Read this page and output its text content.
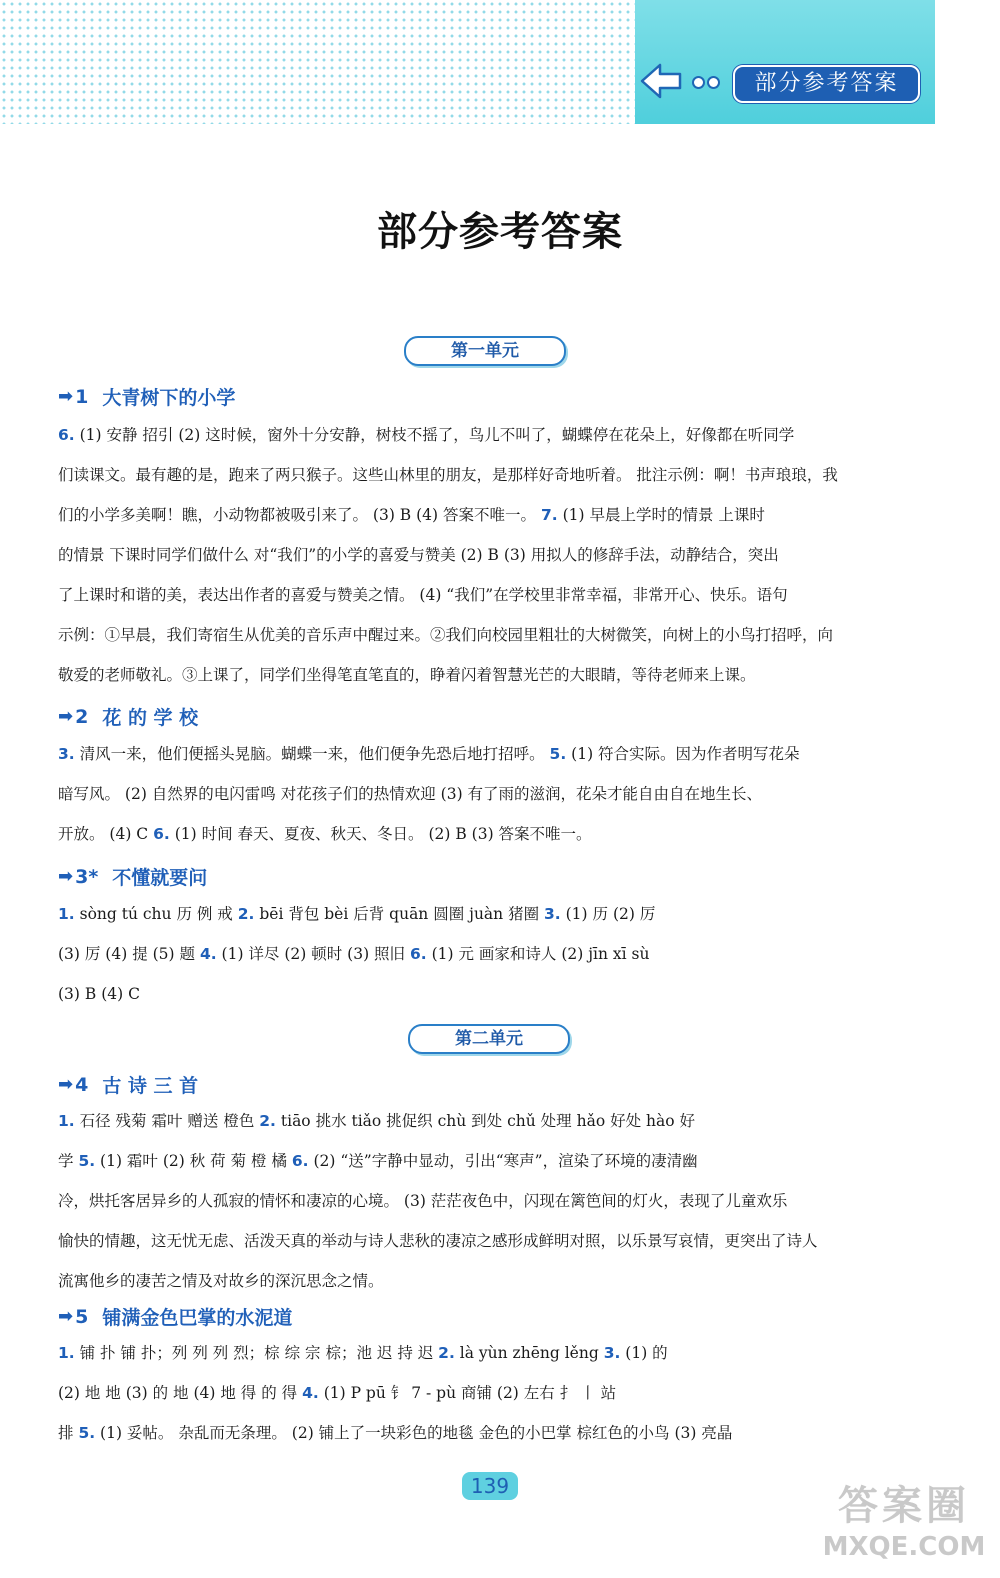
部分参考答案
部分参考答案
第一单元
➡ 1 大青树下的小学
6. (1) 安静 招引 (2) 这时候，窗外十分安静，树枝不摇了，鸟儿不叫了，蝴蝶停在花朵上，好像都在听同学
们读课文。最有趣的是，跑来了两只猴子。这些山林里的朋友，是那样好奇地听着。 批注示例：啊！书声琅琅，我
们的小学多美啊！瞧，小动物都被吸引来了。 (3) B (4) 答案不唯一。 7. (1) 早晨上学时的情景 上课时
的情景 下课时同学们做什么 对“我们”的小学的喜爱与赞美 (2) B (3) 用拟人的修辞手法，动静结合，突出
了上课时和谐的美，表达出作者的喜爱与赞美之情。 (4) “我们”在学校里非常幸福，非常开心、快乐。语句
示例：①早晨，我们寄宿生从优美的音乐声中醒过来。②我们向校园里粗壮的大树微笑，向树上的小鸟打招呼，向
敬爱的老师敬礼。③上课了，同学们坐得笔直笔直的，睁着闪着智慧光芒的大眼睛，等待老师来上课。
➡ 2 花 的 学 校
3. 清风一来，他们便摇头晃脑。蝴蝶一来，他们便争先恐后地打招呼。 5. (1) 符合实际。因为作者明写花朵
暗写风。 (2) 自然界的电闪雷鸣 对花孩子们的热情欢迎 (3) 有了雨的滋润，花朵才能自由自在地生长、
开放。 (4) C 6. (1) 时间 春天、夏夜、秋天、冬日。 (2) B (3) 答案不唯一。
➡ 3* 不懂就要问
1. sòng tú chu 历 例 戒 2. bēi 背包 bèi 后背 quān 圆圈 juàn 猪圈 3. (1) 历 (2) 厉
(3) 厉 (4) 提 (5) 题 4. (1) 详尽 (2) 顿时 (3) 照旧 6. (1) 元 画家和诗人 (2) jīn xī sù
(3) B (4) C
第二单元
➡ 4 古 诗 三 首
1. 石径 残菊 霜叶 赠送 橙色 2. tiāo 挑水 tiǎo 挑促织 chù 到处 chǔ 处理 hǎo 好处 hào 好
学 5. (1) 霜叶 (2) 秋 荷 菊 橙 橘 6. (2) “送”字静中显动，引出“寒声”，渲染了环境的凄清幽
冷，烘托客居异乡的人孤寂的情怀和凄凉的心境。 (3) 茫茫夜色中，闪现在篱笆间的灯火，表现了儿童欢乐
愉快的情趣，这无忧无虑、活泼天真的举动与诗人悲秋的凄凉之感形成鲜明对照，以乐景写哀情，更突出了诗人
流寓他乡的凄苦之情及对故乡的深沉思念之情。
➡ 5 铺满金色巴掌的水泥道
1. 铺 扑 铺 扑；列 列 列 烈；棕 综 宗 棕；池 迟 持 迟 2. là yùn zhēng lěng 3. (1) 的
(2) 地 地 (3) 的 地 (4) 地 得 的 得 4. (1) P pū 钅 7 - pù 商铺 (2) 左右 扌 丨 站
排 5. (1) 妥帖。 杂乱而无条理。 (2) 铺上了一块彩色的地毯 金色的小巴掌 棕红色的小鸟 (3) 亮晶
139	答案圈
MXQE.COM
